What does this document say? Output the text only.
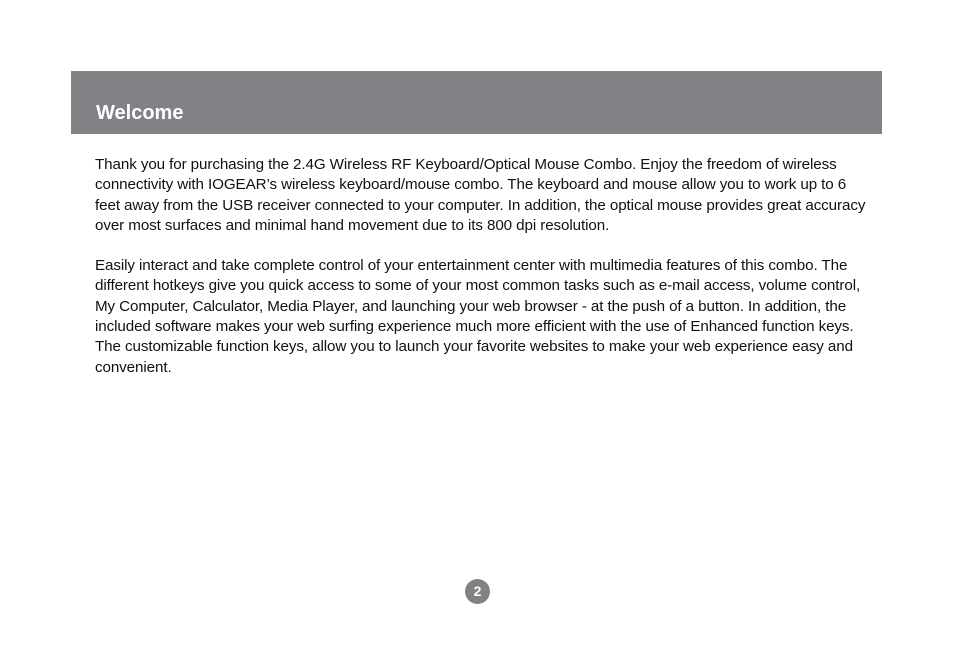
Welcome

Thank you for purchasing the 2.4G Wireless RF Keyboard/Optical Mouse Combo. Enjoy the freedom of wireless connectivity with IOGEAR’s wireless keyboard/mouse combo. The keyboard and mouse allow you to work up to 6 feet away from the USB receiver connected to your computer. In addition, the optical mouse provides great accuracy over most surfaces and minimal hand movement due to its 800 dpi resolution.

Easily interact and take complete control of your entertainment center with multimedia features of this combo. The different hotkeys give you quick access to some of your most common tasks such as e-mail access, volume control, My Computer, Calculator, Media Player, and launching your web browser - at the push of a button. In addition, the included software makes your web surfing experience much more efficient with the use of Enhanced function keys. The customizable function keys, allow you to launch your favorite websites to make your web experience easy and convenient.

2
